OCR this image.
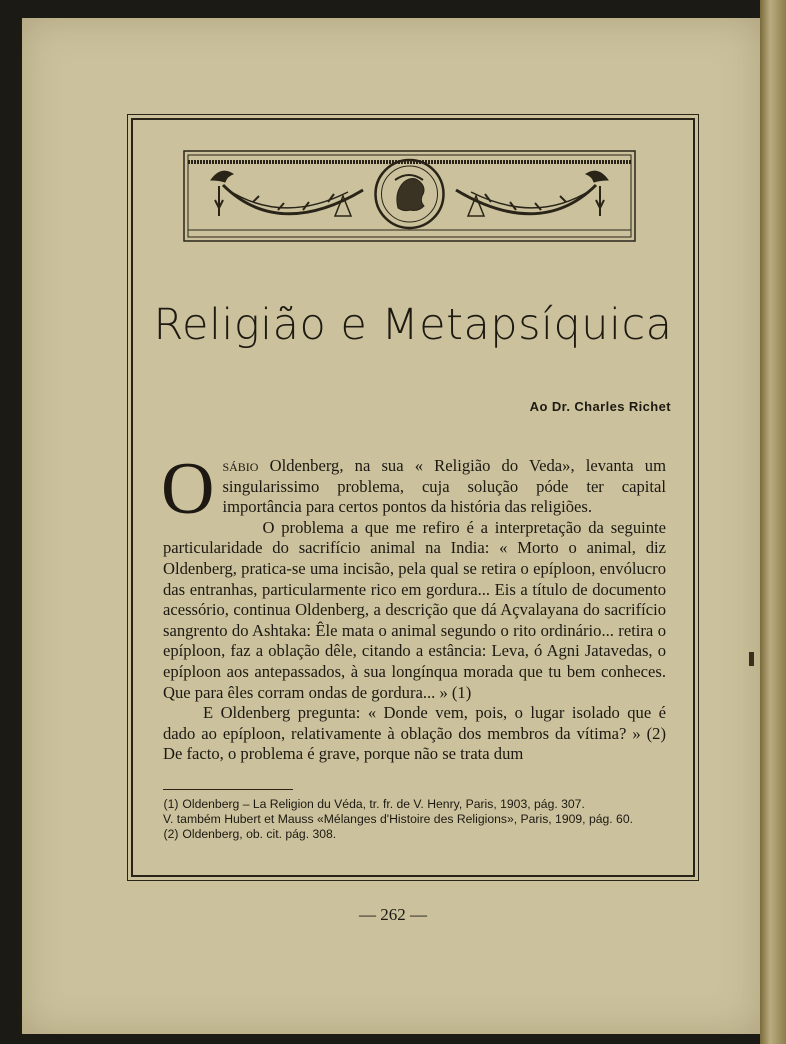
Religião e Metapsíquica
Ao Dr. Charles Richet
O sábio Oldenberg, na sua « Religião do Veda», levanta um singularissimo problema, cuja solução póde ter capital importância para certos pontos da história das religiões.

O problema a que me refiro é a interpretação da seguinte particularidade do sacrifício animal na India: « Morto o animal, diz Oldenberg, pratica-se uma incisão, pela qual se retira o epíploon, envólucro das entranhas, particularmente rico em gordura... Eis a título de documento acessório, continua Oldenberg, a descrição que dá Açvalayana do sacrifício sangrento do Ashtaka: Êle mata o animal segundo o rito ordinário... retira o epíploon, faz a oblação dêle, citando a estância: Leva, ó Agni Jatavedas, o epíploon aos antepassados, à sua longínqua morada que tu bem conheces. Que para êles corram ondas de gordura... » (1)

E Oldenberg pregunta: « Donde vem, pois, o lugar isolado que é dado ao epíploon, relativamente à oblação dos membros da vítima? » (2) De facto, o problema é grave, porque não se trata dum

(1) Oldenberg – La Religion du Véda, tr. fr. de V. Henry, Paris, 1903, pág. 307.

V. também Hubert et Mauss «Mélanges d'Histoire des Religions», Paris, 1909, pág. 60.

(2) Oldenberg, ob. cit. pág. 308.

— 262 —
